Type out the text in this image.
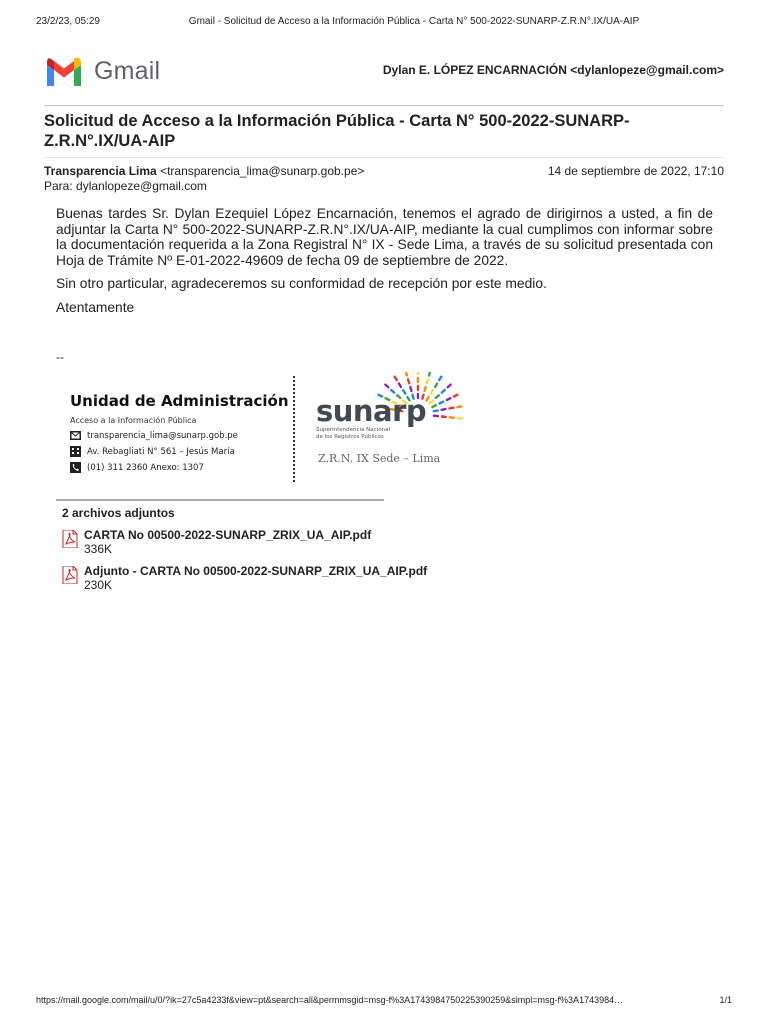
23/2/23, 05:29	Gmail - Solicitud de Acceso a la Información Pública - Carta N° 500-2022-SUNARP-Z.R.N°.IX/UA-AIP
Gmail	Dylan E. LÓPEZ ENCARNACIÓN <dylanlopeze@gmail.com>
Solicitud de Acceso a la Información Pública - Carta N° 500-2022-SUNARP-Z.R.N°.IX/UA-AIP
Transparencia Lima <transparencia_lima@sunarp.gob.pe>	14 de septiembre de 2022, 17:10
Para: dylanlopeze@gmail.com

Buenas tardes Sr. Dylan Ezequiel López Encarnación, tenemos el agrado de dirigirnos a usted, a fin de adjuntar la Carta N° 500-2022-SUNARP-Z.R.N°.IX/UA-AIP, mediante la cual cumplimos con informar sobre la documentación requerida a la Zona Registral N° IX - Sede Lima, a través de su solicitud presentada con Hoja de Trámite Nº E-01-2022-49609 de fecha 09 de septiembre de 2022.

Sin otro particular, agradeceremos su conformidad de recepción por este medio.

Atentamente

--
Unidad de Administración
Acceso a la Información Pública
transparencia_lima@sunarp.gob.pe
Av. Rebagliati N° 561 – Jesús María
(01) 311 2360 Anexo: 1307
sunarp
Superintendencia Nacional
de los Registros Públicos
Z.R.N. IX Sede – Lima
2 archivos adjuntos
CARTA No 00500-2022-SUNARP_ZRIX_UA_AIP.pdf
336K
Adjunto - CARTA No 00500-2022-SUNARP_ZRIX_UA_AIP.pdf
230K
https://mail.google.com/mail/u/0/?ik=27c5a4233f&view=pt&search=all&permmsgid=msg-f%3A1743984750225390259&simpl=msg-f%3A1743984…	1/1
